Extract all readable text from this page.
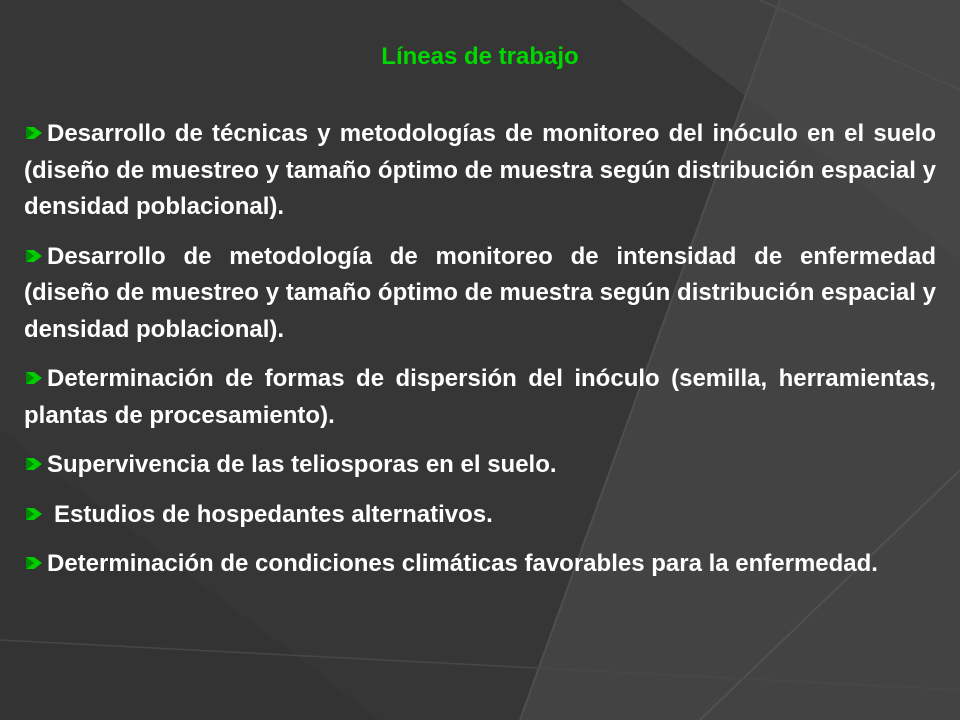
Líneas de trabajo
Desarrollo de técnicas y metodologías de monitoreo del inóculo en el suelo (diseño de muestreo y tamaño óptimo de muestra según distribución espacial y densidad poblacional).
Desarrollo de metodología de monitoreo de intensidad de enfermedad (diseño de muestreo y tamaño óptimo de muestra según distribución espacial y densidad poblacional).
Determinación de formas de dispersión del inóculo (semilla, herramientas, plantas de procesamiento).
Supervivencia de las teliosporas en el suelo.
Estudios de hospedantes alternativos.
Determinación de condiciones climáticas favorables para la enfermedad.
